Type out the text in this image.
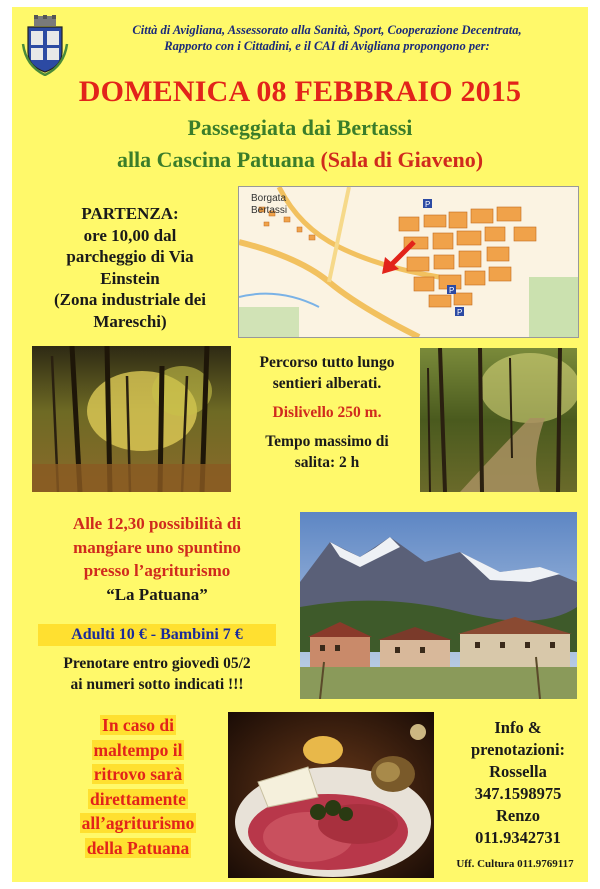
Città di Avigliana, Assessorato alla Sanità, Sport, Cooperazione Decentrata,
Rapporto con i Cittadini, e il CAI di Avigliana propongono per:
DOMENICA 08 FEBBRAIO 2015
Passeggiata dai Bertassi
alla Cascina Patuana (Sala di Giaveno)
PARTENZA:
ore 10,00 dal
parcheggio di Via
Einstein
(Zona industriale dei
Mareschi)
P
P
P
Borgata
Bertassi
Percorso tutto lungo
sentieri alberati.
Dislivello 250 m.
Tempo massimo di
salita: 2 h
Alle 12,30 possibilità di
mangiare uno spuntino
presso l’agriturismo
“La Patuana”
Adulti 10 € - Bambini 7 €
Prenotare entro giovedì 05/2
ai numeri sotto indicati !!!
In caso di
maltempo il
ritrovo sarà
direttamente
all’agriturismo
della Patuana
Info &
prenotazioni:
Rossella
347.1598975
Renzo
011.9342731
Uff. Cultura 011.9769117
